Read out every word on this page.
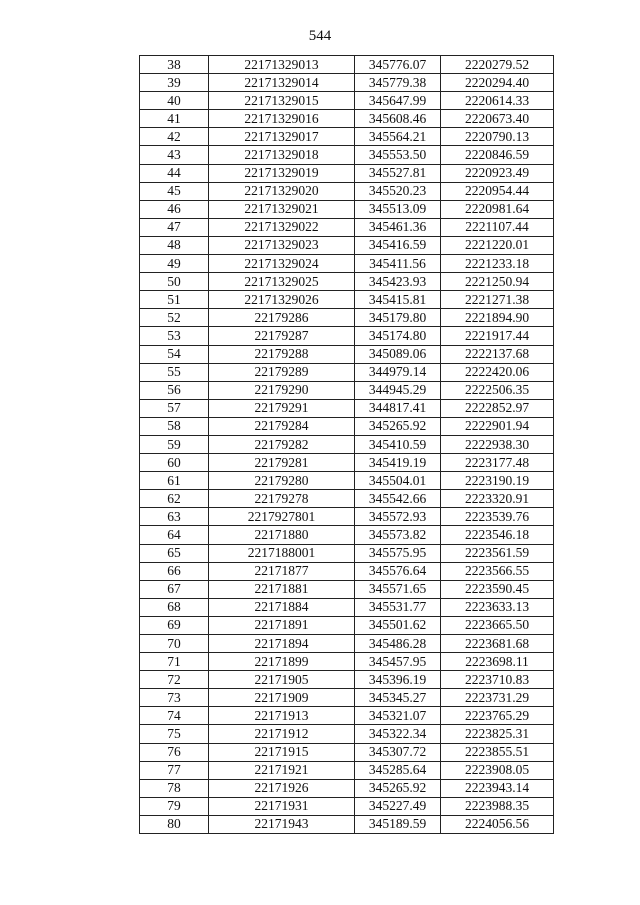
544
38	22171329013	345776.07	2220279.52
39	22171329014	345779.38	2220294.40
40	22171329015	345647.99	2220614.33
41	22171329016	345608.46	2220673.40
42	22171329017	345564.21	2220790.13
43	22171329018	345553.50	2220846.59
44	22171329019	345527.81	2220923.49
45	22171329020	345520.23	2220954.44
46	22171329021	345513.09	2220981.64
47	22171329022	345461.36	2221107.44
48	22171329023	345416.59	2221220.01
49	22171329024	345411.56	2221233.18
50	22171329025	345423.93	2221250.94
51	22171329026	345415.81	2221271.38
52	22179286	345179.80	2221894.90
53	22179287	345174.80	2221917.44
54	22179288	345089.06	2222137.68
55	22179289	344979.14	2222420.06
56	22179290	344945.29	2222506.35
57	22179291	344817.41	2222852.97
58	22179284	345265.92	2222901.94
59	22179282	345410.59	2222938.30
60	22179281	345419.19	2223177.48
61	22179280	345504.01	2223190.19
62	22179278	345542.66	2223320.91
63	2217927801	345572.93	2223539.76
64	22171880	345573.82	2223546.18
65	2217188001	345575.95	2223561.59
66	22171877	345576.64	2223566.55
67	22171881	345571.65	2223590.45
68	22171884	345531.77	2223633.13
69	22171891	345501.62	2223665.50
70	22171894	345486.28	2223681.68
71	22171899	345457.95	2223698.11
72	22171905	345396.19	2223710.83
73	22171909	345345.27	2223731.29
74	22171913	345321.07	2223765.29
75	22171912	345322.34	2223825.31
76	22171915	345307.72	2223855.51
77	22171921	345285.64	2223908.05
78	22171926	345265.92	2223943.14
79	22171931	345227.49	2223988.35
80	22171943	345189.59	2224056.56
